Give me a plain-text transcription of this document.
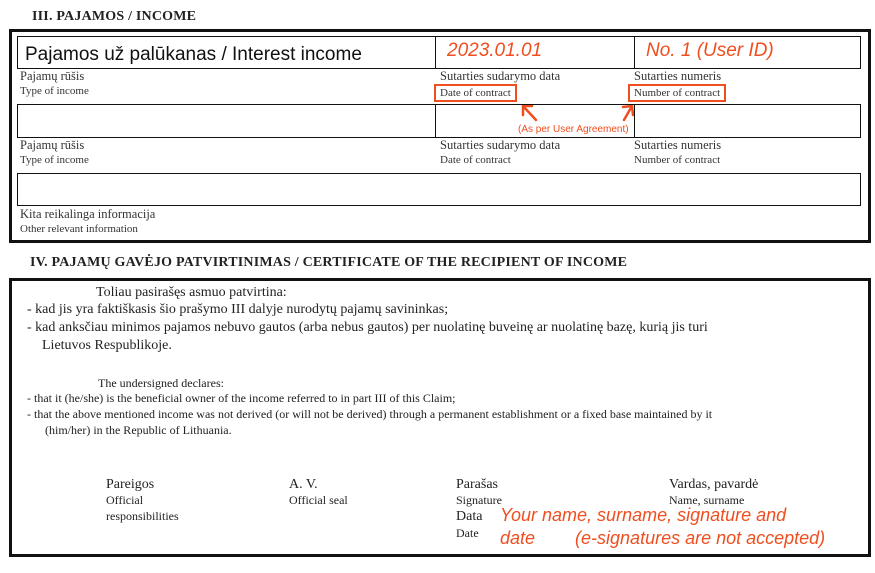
III. PAJAMOS / INCOME
Pajamos už palūkanas / Interest income	2023.01.01	No. 1 (User ID)
Pajamų rūšis
Type of income
Sutarties sudarymo data
Date of contract
Sutarties numeris
Number of contract
(As per User Agreement)
Pajamų rūšis
Type of income
Sutarties sudarymo data
Date of contract
Sutarties numeris
Number of contract
Kita reikalinga informacija
Other relevant information
IV. PAJAMŲ GAVĖJO PATVIRTINIMAS / CERTIFICATE OF THE RECIPIENT OF INCOME
Toliau pasirašęs asmuo patvirtina:
- kad jis yra faktiškasis šio prašymo III dalyje nurodytų pajamų savininkas;
- kad anksčiau minimos pajamos nebuvo gautos (arba nebus gautos) per nuolatinę buveinę ar nuolatinę bazę, kurią jis turi
Lietuvos Respublikoje.
The undersigned declares:
- that it (he/she) is the beneficial owner of the income referred to in part III of this Claim;
- that the above mentioned income was not derived (or will not be derived) through a permanent establishment or a fixed base maintained by it
(him/her) in the Republic of Lithuania.
Pareigos
Official
responsibilities
A. V.
Official seal
Parašas
Signature
Data
Date
Vardas, pavardė
Name, surname
Your name, surname, signature and
date        (e-signatures are not accepted)
